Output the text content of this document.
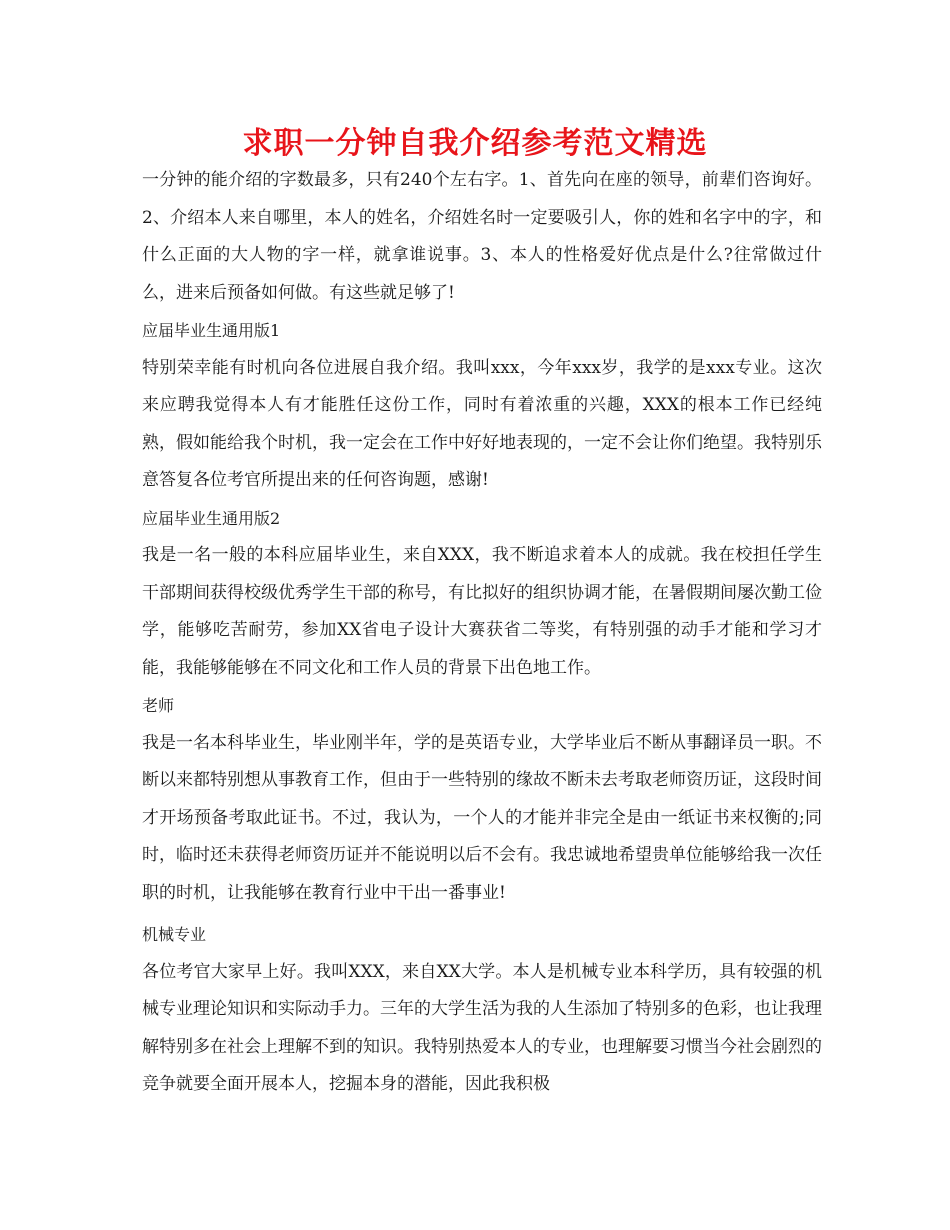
求职一分钟自我介绍参考范文精选

一分钟的能介绍的字数最多，只有240个左右字。1、首先向在座的领导，前辈们咨询好。2、介绍本人来自哪里，本人的姓名，介绍姓名时一定要吸引人，你的姓和名字中的字，和什么正面的大人物的字一样，就拿谁说事。3、本人的性格爱好优点是什么?往常做过什么，进来后预备如何做。有这些就足够了!

应届毕业生通用版1

特别荣幸能有时机向各位进展自我介绍。我叫xxx，今年xxx岁，我学的是xxx专业。这次来应聘我觉得本人有才能胜任这份工作，同时有着浓重的兴趣，XXX的根本工作已经纯熟，假如能给我个时机，我一定会在工作中好好地表现的，一定不会让你们绝望。我特别乐意答复各位考官所提出来的任何咨询题，感谢!

应届毕业生通用版2

我是一名一般的本科应届毕业生，来自XXX，我不断追求着本人的成就。我在校担任学生干部期间获得校级优秀学生干部的称号，有比拟好的组织协调才能，在暑假期间屡次勤工俭学，能够吃苦耐劳，参加XX省电子设计大赛获省二等奖，有特别强的动手才能和学习才能，我能够能够在不同文化和工作人员的背景下出色地工作。

老师

我是一名本科毕业生，毕业刚半年，学的是英语专业，大学毕业后不断从事翻译员一职。不断以来都特别想从事教育工作，但由于一些特别的缘故不断未去考取老师资历证，这段时间才开场预备考取此证书。不过，我认为，一个人的才能并非完全是由一纸证书来权衡的;同时，临时还未获得老师资历证并不能说明以后不会有。我忠诚地希望贵单位能够给我一次任职的时机，让我能够在教育行业中干出一番事业!

机械专业

各位考官大家早上好。我叫XXX，来自XX大学。本人是机械专业本科学历，具有较强的机械专业理论知识和实际动手力。三年的大学生活为我的人生添加了特别多的色彩，也让我理解特别多在社会上理解不到的知识。我特别热爱本人的专业，也理解要习惯当今社会剧烈的竞争就要全面开展本人，挖掘本身的潜能，因此我积极
